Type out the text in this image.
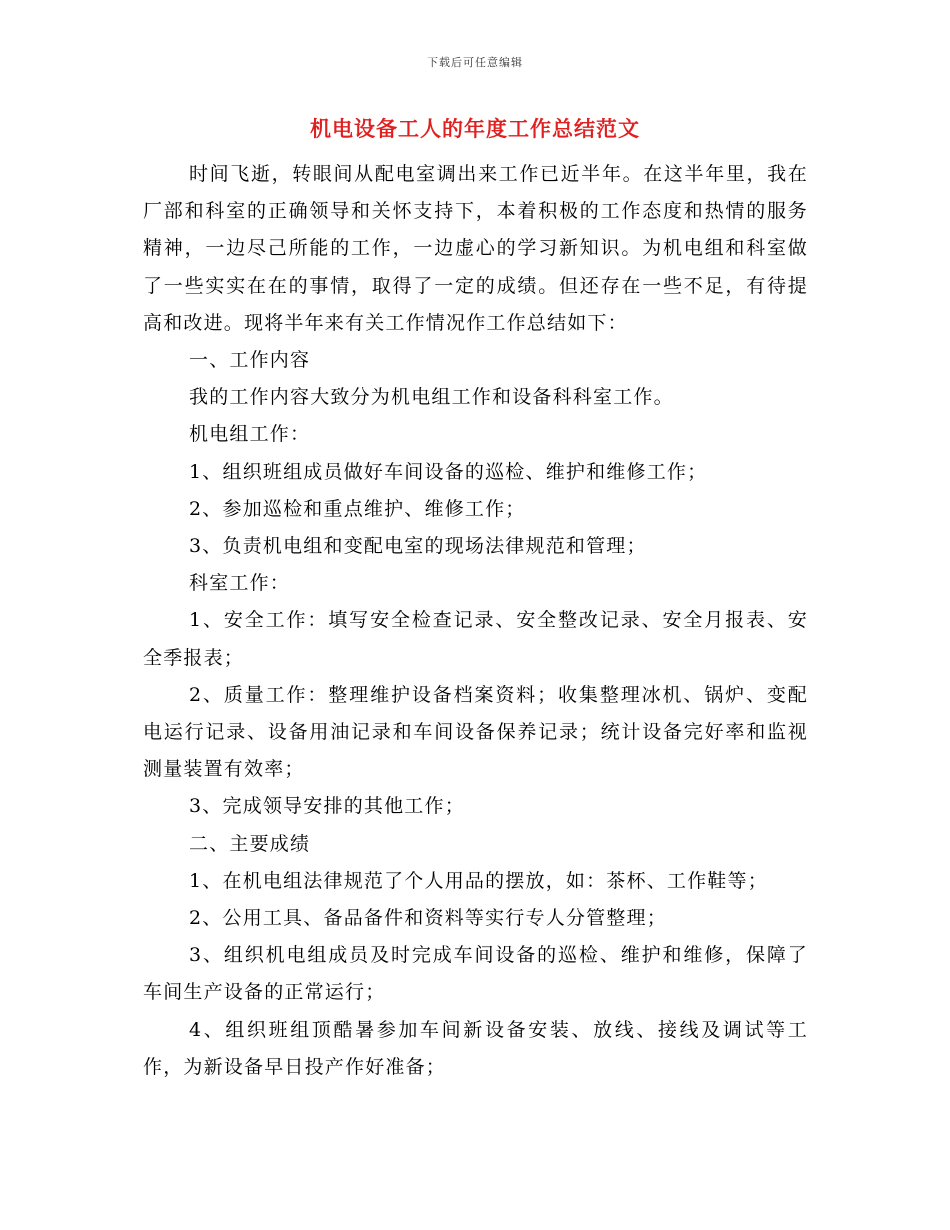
下载后可任意编辑
机电设备工人的年度工作总结范文

时间飞逝，转眼间从配电室调出来工作已近半年。在这半年里，我在厂部和科室的正确领导和关怀支持下，本着积极的工作态度和热情的服务精神，一边尽己所能的工作，一边虚心的学习新知识。为机电组和科室做了一些实实在在的事情，取得了一定的成绩。但还存在一些不足，有待提高和改进。现将半年来有关工作情况作工作总结如下：

一、工作内容

我的工作内容大致分为机电组工作和设备科科室工作。

机电组工作：

1、组织班组成员做好车间设备的巡检、维护和维修工作；

2、参加巡检和重点维护、维修工作；

3、负责机电组和变配电室的现场法律规范和管理；

科室工作：

1、安全工作：填写安全检查记录、安全整改记录、安全月报表、安全季报表；

2、质量工作：整理维护设备档案资料；收集整理冰机、锅炉、变配电运行记录、设备用油记录和车间设备保养记录；统计设备完好率和监视测量装置有效率；

3、完成领导安排的其他工作；

二、主要成绩

1、在机电组法律规范了个人用品的摆放，如：茶杯、工作鞋等；

2、公用工具、备品备件和资料等实行专人分管整理；

3、组织机电组成员及时完成车间设备的巡检、维护和维修，保障了车间生产设备的正常运行；

4、组织班组顶酷暑参加车间新设备安装、放线、接线及调试等工作，为新设备早日投产作好准备；
